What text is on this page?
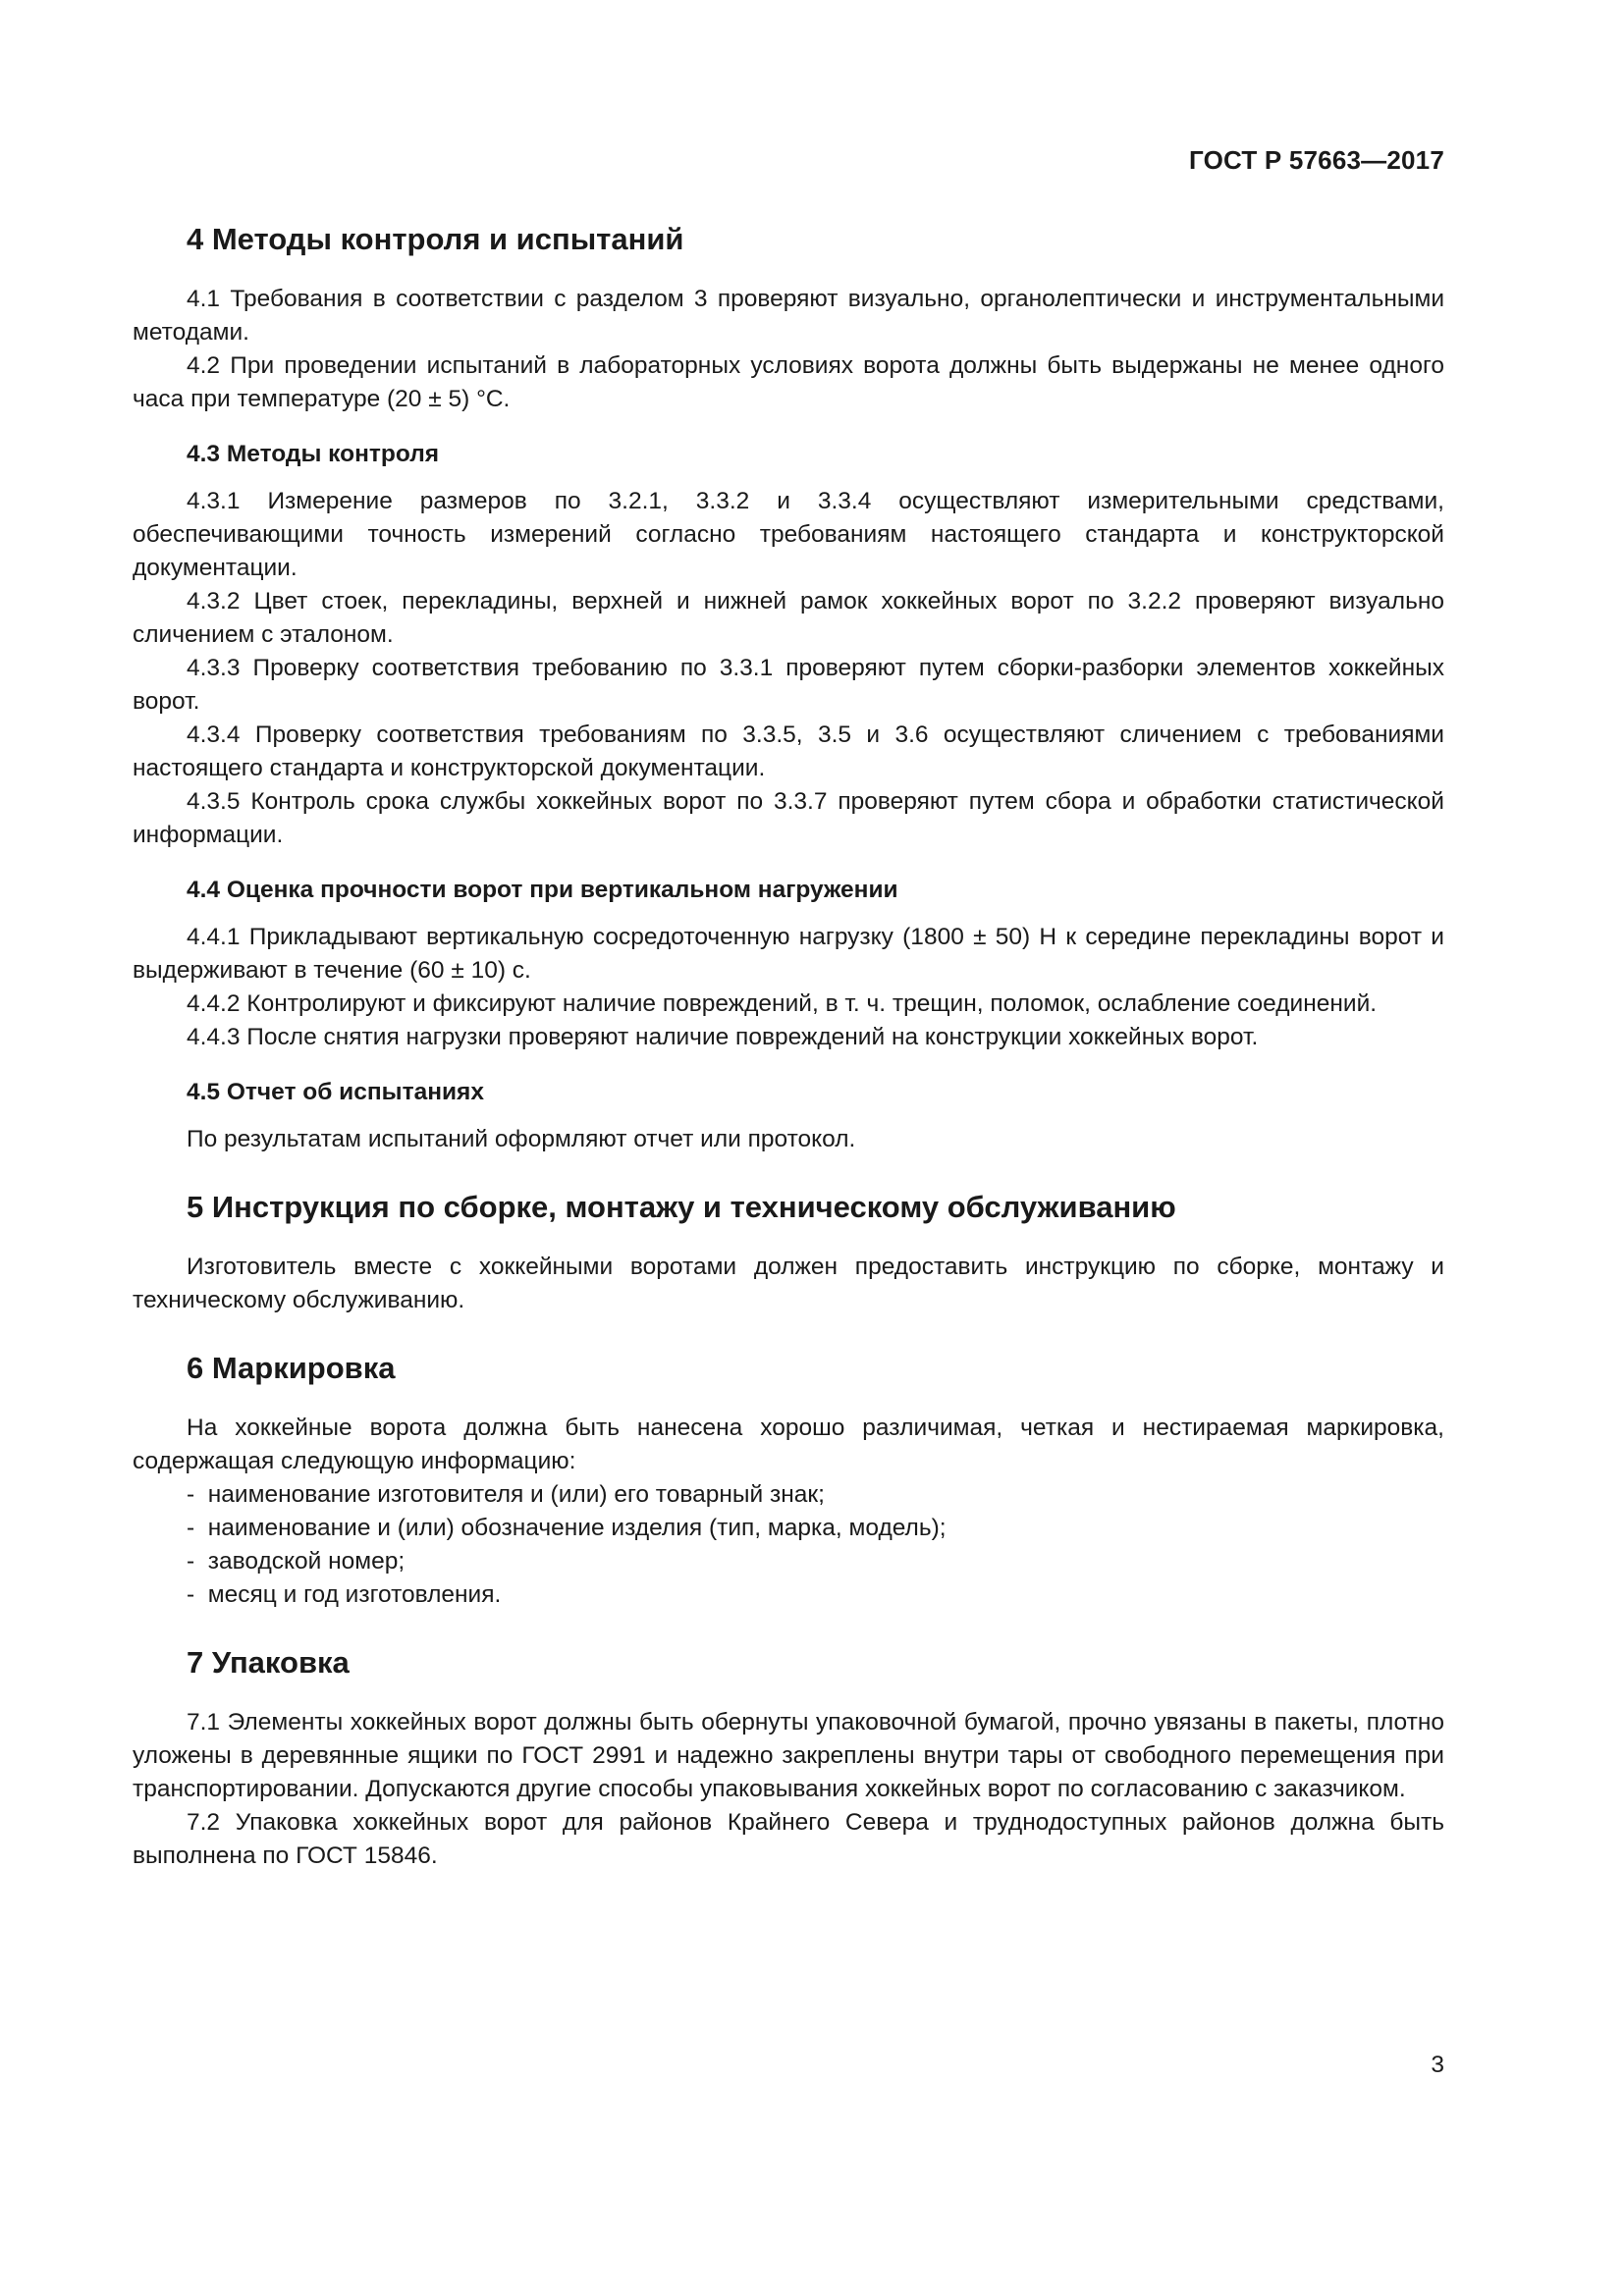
ГОСТ Р 57663—2017
4 Методы контроля и испытаний

4.1 Требования в соответствии с разделом 3 проверяют визуально, органолептически и инструментальными методами.

4.2 При проведении испытаний в лабораторных условиях ворота должны быть выдержаны не менее одного часа при температуре (20 ± 5) °С.

4.3 Методы контроля

4.3.1 Измерение размеров по 3.2.1, 3.3.2 и 3.3.4 осуществляют измерительными средствами, обеспечивающими точность измерений согласно требованиям настоящего стандарта и конструкторской документации.

4.3.2 Цвет стоек, перекладины, верхней и нижней рамок хоккейных ворот по 3.2.2 проверяют визуально сличением с эталоном.

4.3.3 Проверку соответствия требованию по 3.3.1 проверяют путем сборки-разборки элементов хоккейных ворот.

4.3.4 Проверку соответствия требованиям по 3.3.5, 3.5 и 3.6 осуществляют сличением с требованиями настоящего стандарта и конструкторской документации.

4.3.5 Контроль срока службы хоккейных ворот по 3.3.7 проверяют путем сбора и обработки статистической информации.

4.4 Оценка прочности ворот при вертикальном нагружении

4.4.1 Прикладывают вертикальную сосредоточенную нагрузку (1800 ± 50) Н к середине перекладины ворот и выдерживают в течение (60 ± 10) с.

4.4.2 Контролируют и фиксируют наличие повреждений, в т. ч. трещин, поломок, ослабление соединений.

4.4.3 После снятия нагрузки проверяют наличие повреждений на конструкции хоккейных ворот.

4.5 Отчет об испытаниях

По результатам испытаний оформляют отчет или протокол.

5 Инструкция по сборке, монтажу и техническому обслуживанию

Изготовитель вместе с хоккейными воротами должен предоставить инструкцию по сборке, монтажу и техническому обслуживанию.

6 Маркировка

На хоккейные ворота должна быть нанесена хорошо различимая, четкая и нестираемая маркировка, содержащая следующую информацию:

-  наименование изготовителя и (или) его товарный знак;
-  наименование и (или) обозначение изделия (тип, марка, модель);
-  заводской номер;
-  месяц и год изготовления.
7 Упаковка

7.1 Элементы хоккейных ворот должны быть обернуты упаковочной бумагой, прочно увязаны в пакеты, плотно уложены в деревянные ящики по ГОСТ 2991 и надежно закреплены внутри тары от свободного перемещения при транспортировании. Допускаются другие способы упаковывания хоккейных ворот по согласованию с заказчиком.

7.2 Упаковка хоккейных ворот для районов Крайнего Севера и труднодоступных районов должна быть выполнена по ГОСТ 15846.

3
